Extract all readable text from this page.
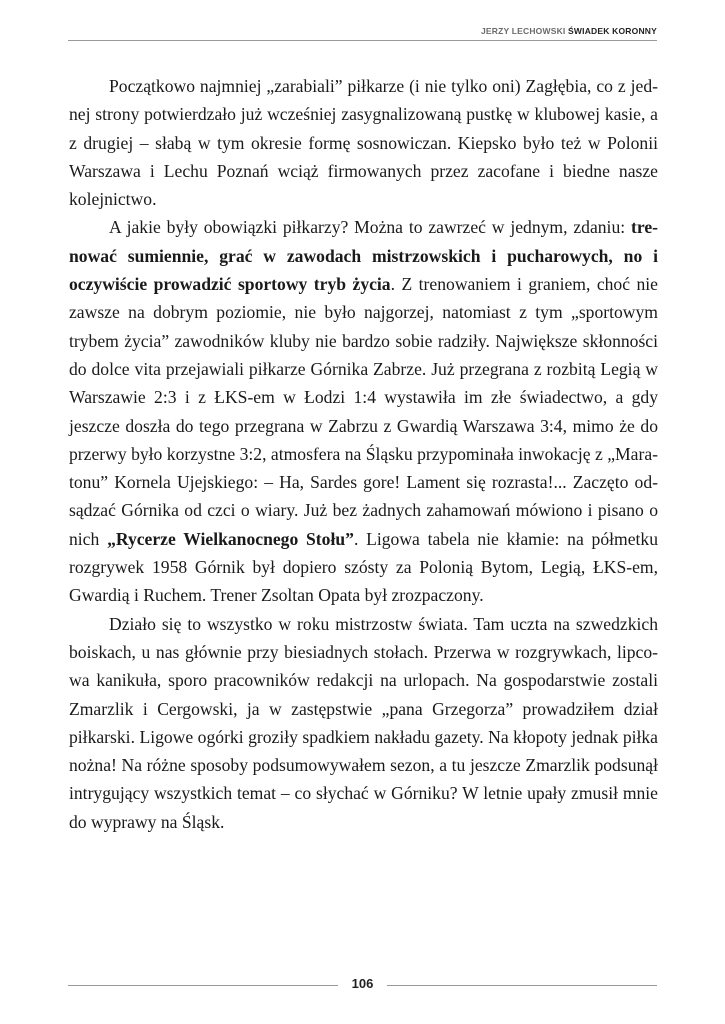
JERZY LECHOWSKI ŚWIADEK KORONNY

Początkowo najmniej „zarabiali” piłkarze (i nie tylko oni) Zagłębia, co z jednej strony potwierdzało już wcześniej zasygnalizowaną pustkę w klubowej kasie, a z drugiej – słabą w tym okresie formę sosnowiczan. Kiepsko było też w Polonii Warszawa i Lechu Poznań wciąż firmowanych przez zacofane i biedne nasze kolejnictwo.

A jakie były obowiązki piłkarzy? Można to zawrzeć w jednym, zdaniu: trenować sumiennie, grać w zawodach mistrzowskich i pucharowych, no i oczywiście prowadzić sportowy tryb życia. Z trenowaniem i graniem, choć nie zawsze na dobrym poziomie, nie było najgorzej, natomiast z tym „sportowym trybem życia” zawodników kluby nie bardzo sobie radziły. Największe skłonności do dolce vita przejawiali piłkarze Górnika Zabrze. Już przegrana z rozbitą Legią w Warszawie 2:3 i z ŁKS-em w Łodzi 1:4 wystawiła im złe świadectwo, a gdy jeszcze doszła do tego przegrana w Zabrzu z Gwardią Warszawa 3:4, mimo że do przerwy było korzystne 3:2, atmosfera na Śląsku przypominała inwokację z „Maratonu” Kornela Ujejskiego: – Ha, Sardes gore! Lament się rozrasta!... Zaczęto odsądzać Górnika od czci o wiary. Już bez żadnych zahamowań mówiono i pisano o nich „Rycerze Wielkanocnego Stołu”. Ligowa tabela nie kłamie: na półmetku rozgrywek 1958 Górnik był dopiero szósty za Polonią Bytom, Legią, ŁKS-em, Gwardią i Ruchem. Trener Zsoltan Opata był zrozpaczony.

Działo się to wszystko w roku mistrzostw świata. Tam uczta na szwedzkich boiskach, u nas głównie przy biesiadnych stołach. Przerwa w rozgrywkach, lipcowa kanikuła, sporo pracowników redakcji na urlopach. Na gospodarstwie zostali Zmarzlik i Cergowski, ja w zastępstwie „pana Grzegorza” prowadziłem dział piłkarski. Ligowe ogórki groziły spadkiem nakładu gazety. Na kłopoty jednak piłka nożna! Na różne sposoby podsumowywałem sezon, a tu jeszcze Zmarzlik podsunął intrygujący wszystkich temat – co słychać w Górniku? W letnie upały zmusił mnie do wyprawy na Śląsk.

106
